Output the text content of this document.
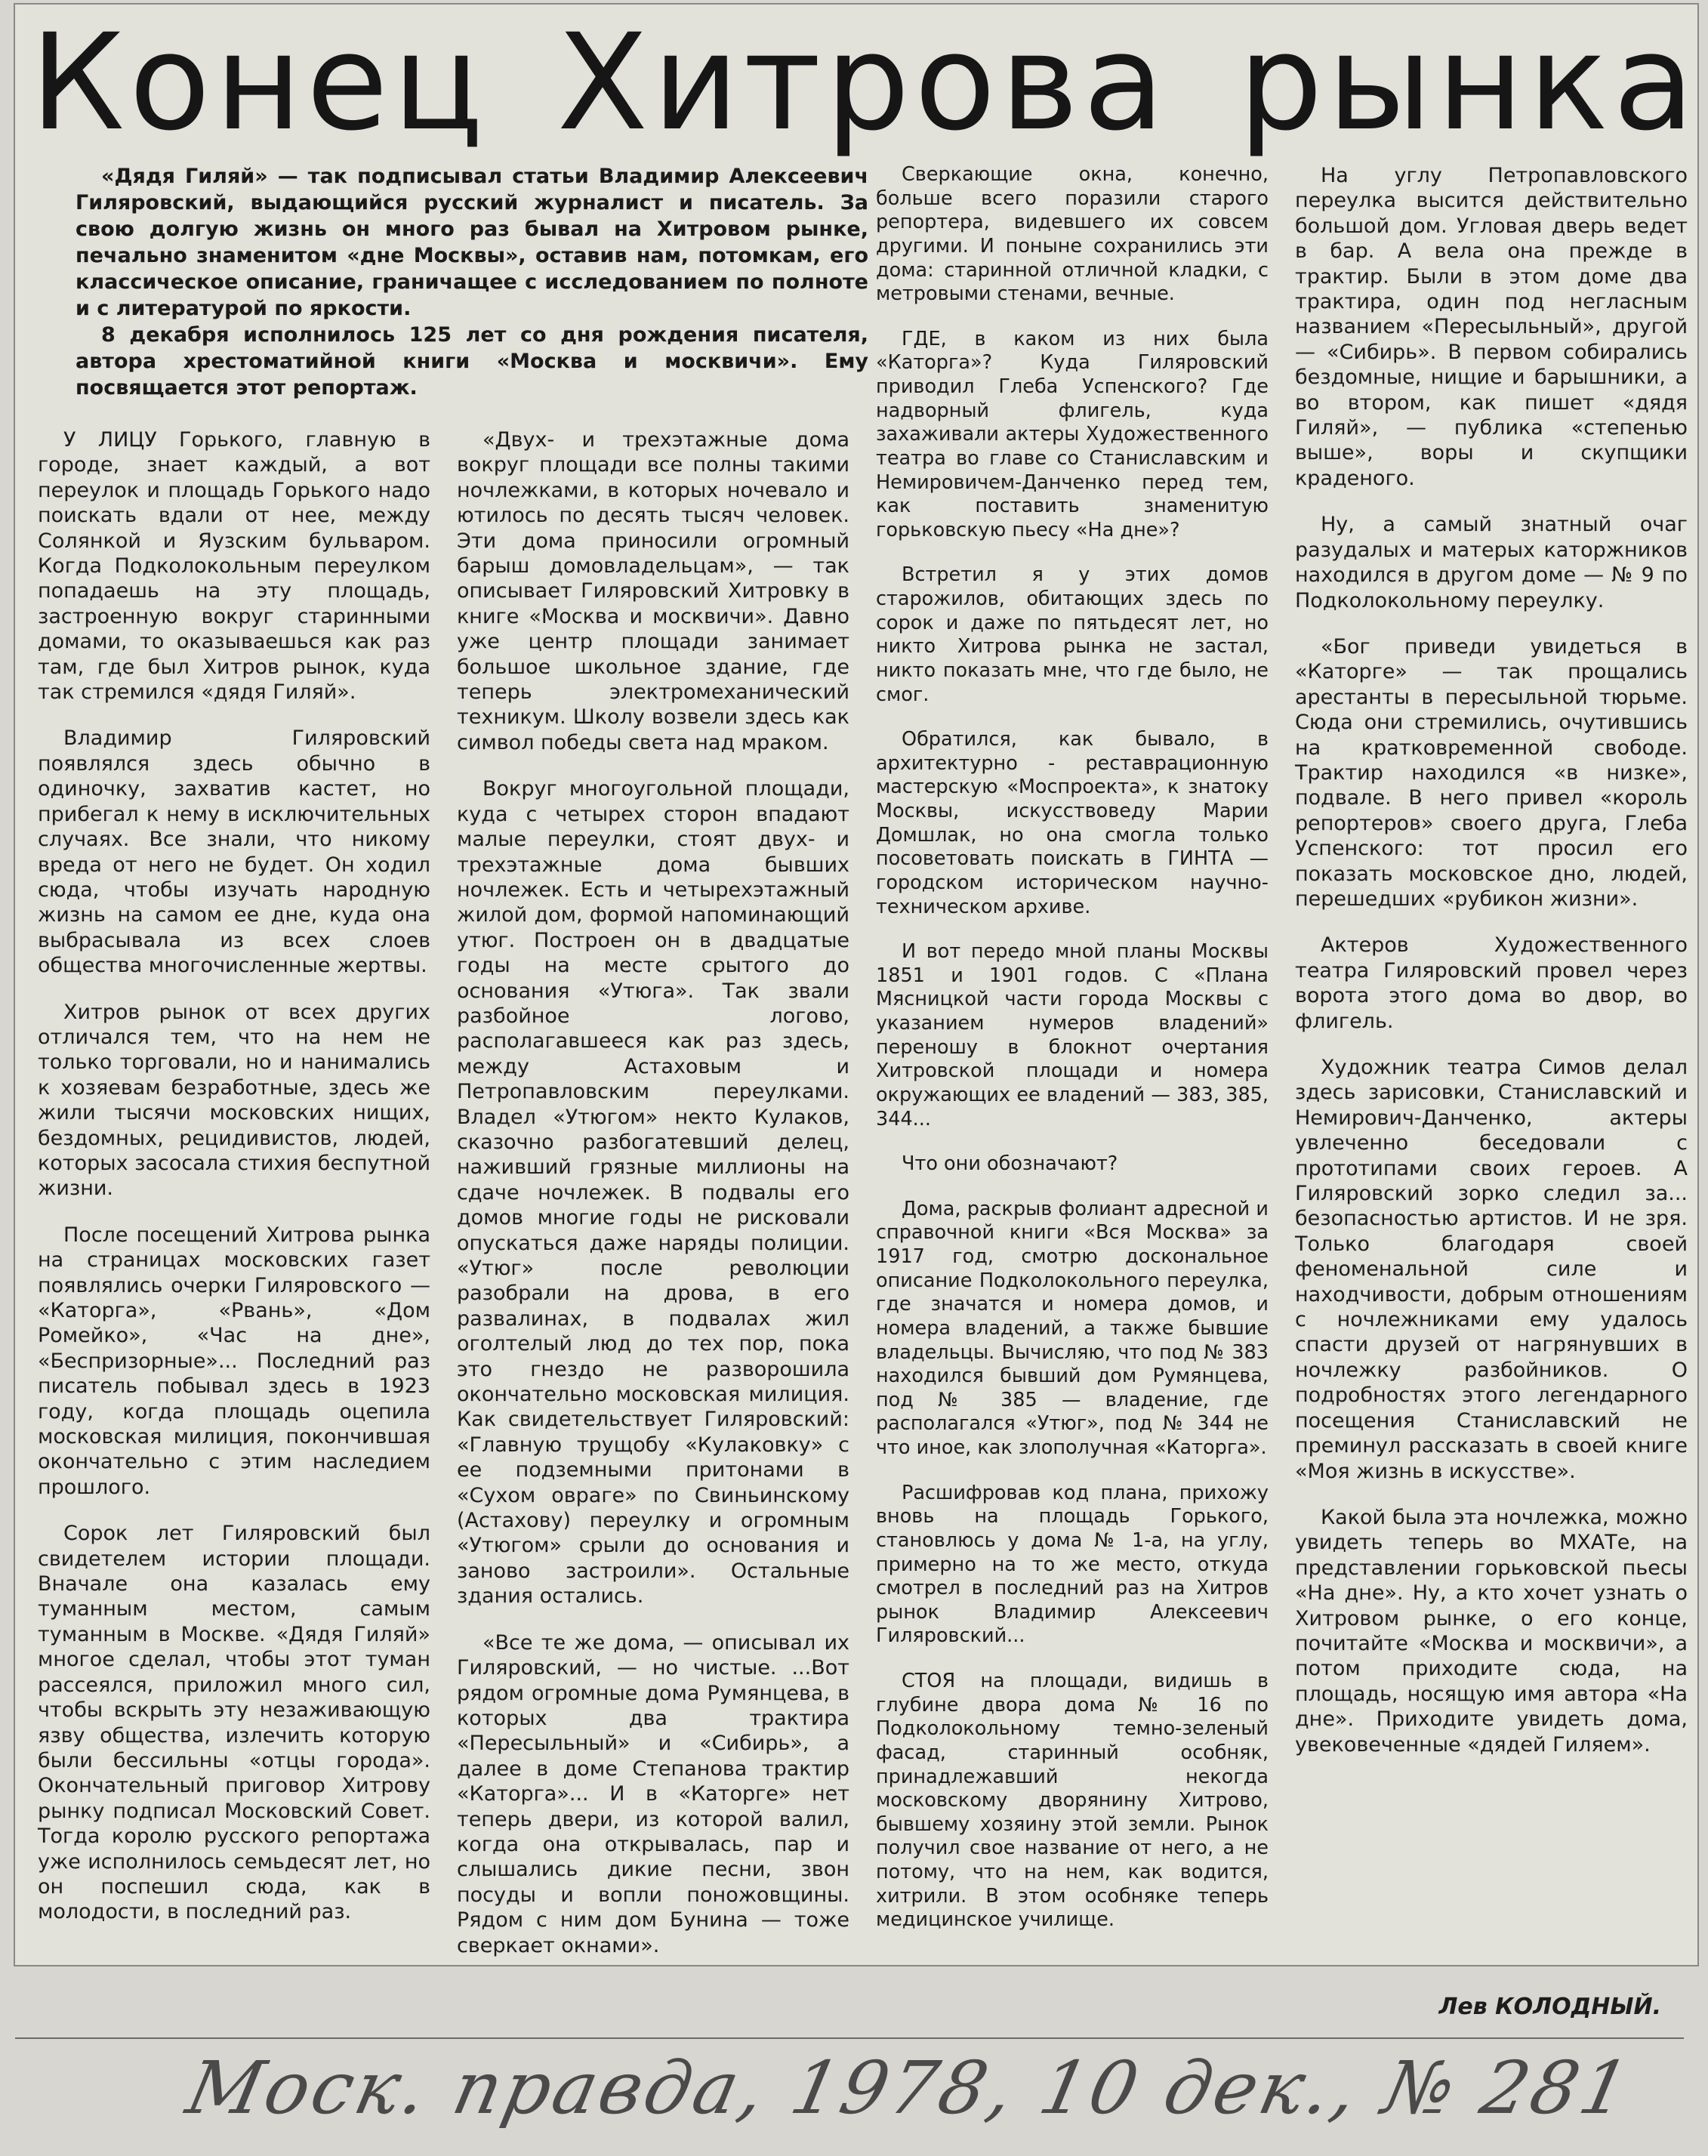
Конец Хитрова рынка

«Дядя Гиляй» — так подписывал статьи Владимир Алексеевич Гиляровский, выдающийся русский журналист и писатель. За свою долгую жизнь он много раз бывал на Хитровом рынке, печально знаменитом «дне Москвы», оставив нам, потомкам, его классическое описание, граничащее с исследованием по полноте и с литературой по яркости.

8 декабря исполнилось 125 лет со дня рождения писателя, автора хрестоматийной книги «Москва и москвичи». Ему посвящается этот репортаж.

У ЛИЦУ Горького, главную в городе, знает каждый, а вот переулок и площадь Горького надо поискать вдали от нее, между Солянкой и Яузским бульваром. Когда Подколокольным переулком попадаешь на эту площадь, застроенную вокруг старинными домами, то оказываешься как раз там, где был Хитров рынок, куда так стремился «дядя Гиляй».

Владимир Гиляровский появлялся здесь обычно в одиночку, захватив кастет, но прибегал к нему в исключительных случаях. Все знали, что никому вреда от него не будет. Он ходил сюда, чтобы изучать народную жизнь на самом ее дне, куда она выбрасывала из всех слоев общества многочисленные жертвы.

Хитров рынок от всех других отличался тем, что на нем не только торговали, но и нанимались к хозяевам безработные, здесь же жили тысячи московских нищих, бездомных, рецидивистов, людей, которых засосала стихия беспутной жизни.

После посещений Хитрова рынка на страницах московских газет появлялись очерки Гиляровского — «Каторга», «Рвань», «Дом Ромейко», «Час на дне», «Беспризорные»... Последний раз писатель побывал здесь в 1923 году, когда площадь оцепила московская милиция, покончившая окончательно с этим наследием прошлого.

Сорок лет Гиляровский был свидетелем истории площади. Вначале она казалась ему туманным местом, самым туманным в Москве. «Дядя Гиляй» многое сделал, чтобы этот туман рассеялся, приложил много сил, чтобы вскрыть эту незаживающую язву общества, излечить которую были бессильны «отцы города». Окончательный приговор Хитрову рынку подписал Московский Совет. Тогда королю русского репортажа уже исполнилось семьдесят лет, но он поспешил сюда, как в молодости, в последний раз.

«Двух- и трехэтажные дома вокруг площади все полны такими ночлежками, в которых ночевало и ютилось по десять тысяч человек. Эти дома приносили огромный барыш домовладельцам», — так описывает Гиляровский Хитровку в книге «Москва и москвичи». Давно уже центр площади занимает большое школьное здание, где теперь электромеханический техникум. Школу возвели здесь как символ победы света над мраком.

Вокруг многоугольной площади, куда с четырех сторон впадают малые переулки, стоят двух- и трехэтажные дома бывших ночлежек. Есть и четырехэтажный жилой дом, формой напоминающий утюг. Построен он в двадцатые годы на месте срытого до основания «Утюга». Так звали разбойное логово, располагавшееся как раз здесь, между Астаховым и Петропавловским переулками. Владел «Утюгом» некто Кулаков, сказочно разбогатевший делец, наживший грязные миллионы на сдаче ночлежек. В подвалы его домов многие годы не рисковали опускаться даже наряды полиции. «Утюг» после революции разобрали на дрова, в его развалинах, в подвалах жил оголтелый люд до тех пор, пока это гнездо не разворошила окончательно московская милиция. Как свидетельствует Гиляровский: «Главную трущобу «Кулаковку» с ее подземными притонами в «Сухом овраге» по Свиньинскому (Астахову) переулку и огромным «Утюгом» срыли до основания и заново застроили». Остальные здания остались.

«Все те же дома, — описывал их Гиляровский, — но чистые. ...Вот рядом огромные дома Румянцева, в которых два трактира «Пересыльный» и «Сибирь», а далее в доме Степанова трактир «Каторга»... И в «Каторге» нет теперь двери, из которой валил, когда она открывалась, пар и слышались дикие песни, звон посуды и вопли поножовщины. Рядом с ним дом Бунина — тоже сверкает окнами».

Сверкающие окна, конечно, больше всего поразили старого репортера, видевшего их совсем другими. И поныне сохранились эти дома: старинной отличной кладки, с метровыми стенами, вечные.

ГДЕ, в каком из них была «Каторга»? Куда Гиляровский приводил Глеба Успенского? Где надворный флигель, куда захаживали актеры Художественного театра во главе со Станиславским и Немировичем-Данченко перед тем, как поставить знаменитую горьковскую пьесу «На дне»?

Встретил я у этих домов старожилов, обитающих здесь по сорок и даже по пятьдесят лет, но никто Хитрова рынка не застал, никто показать мне, что где было, не смог.

Обратился, как бывало, в архитектурно - реставрационную мастерскую «Моспроекта», к знатоку Москвы, искусствоведу Марии Домшлак, но она смогла только посоветовать поискать в ГИНТА — городском историческом научно-техническом архиве.

И вот передо мной планы Москвы 1851 и 1901 годов. С «Плана Мясницкой части города Москвы с указанием нумеров владений» переношу в блокнот очертания Хитровской площади и номера окружающих ее владений — 383, 385, 344...

Что они обозначают?

Дома, раскрыв фолиант адресной и справочной книги «Вся Москва» за 1917 год, смотрю доскональное описание Подколокольного переулка, где значатся и номера домов, и номера владений, а также бывшие владельцы. Вычисляю, что под № 383 находился бывший дом Румянцева, под № 385 — владение, где располагался «Утюг», под № 344 не что иное, как злополучная «Каторга».

Расшифровав код плана, прихожу вновь на площадь Горького, становлюсь у дома № 1-а, на углу, примерно на то же место, откуда смотрел в последний раз на Хитров рынок Владимир Алексеевич Гиляровский...

СТОЯ на площади, видишь в глубине двора дома № 16 по Подколокольному темно-зеленый фасад, старинный особняк, принадлежавший некогда московскому дворянину Хитрово, бывшему хозяину этой земли. Рынок получил свое название от него, а не потому, что на нем, как водится, хитрили. В этом особняке теперь медицинское училище.

На углу Петропавловского переулка высится действительно большой дом. Угловая дверь ведет в бар. А вела она прежде в трактир. Были в этом доме два трактира, один под негласным названием «Пересыльный», другой — «Сибирь». В первом собирались бездомные, нищие и барышники, а во втором, как пишет «дядя Гиляй», — публика «степенью выше», воры и скупщики краденого.

Ну, а самый знатный очаг разудалых и матерых каторжников находился в другом доме — № 9 по Подколокольному переулку.

«Бог приведи увидеться в «Каторге» — так прощались арестанты в пересыльной тюрьме. Сюда они стремились, очутившись на кратковременной свободе. Трактир находился «в низке», подвале. В него привел «король репортеров» своего друга, Глеба Успенского: тот просил его показать московское дно, людей, перешедших «рубикон жизни».

Актеров Художественного театра Гиляровский провел через ворота этого дома во двор, во флигель.

Художник театра Симов делал здесь зарисовки, Станиславский и Немирович-Данченко, актеры увлеченно беседовали с прототипами своих героев. А Гиляровский зорко следил за... безопасностью артистов. И не зря. Только благодаря своей феноменальной силе и находчивости, добрым отношениям с ночлежниками ему удалось спасти друзей от нагрянувших в ночлежку разбойников. О подробностях этого легендарного посещения Станиславский не преминул рассказать в своей книге «Моя жизнь в искусстве».

Какой была эта ночлежка, можно увидеть теперь во МХАТе, на представлении горьковской пьесы «На дне». Ну, а кто хочет узнать о Хитровом рынке, о его конце, почитайте «Москва и москвичи», а потом приходите сюда, на площадь, носящую имя автора «На дне». Приходите увидеть дома, увековеченные «дядей Гиляем».

Лев КОЛОДНЫЙ.
Моск. правда, 1978, 10 дек., № 281
